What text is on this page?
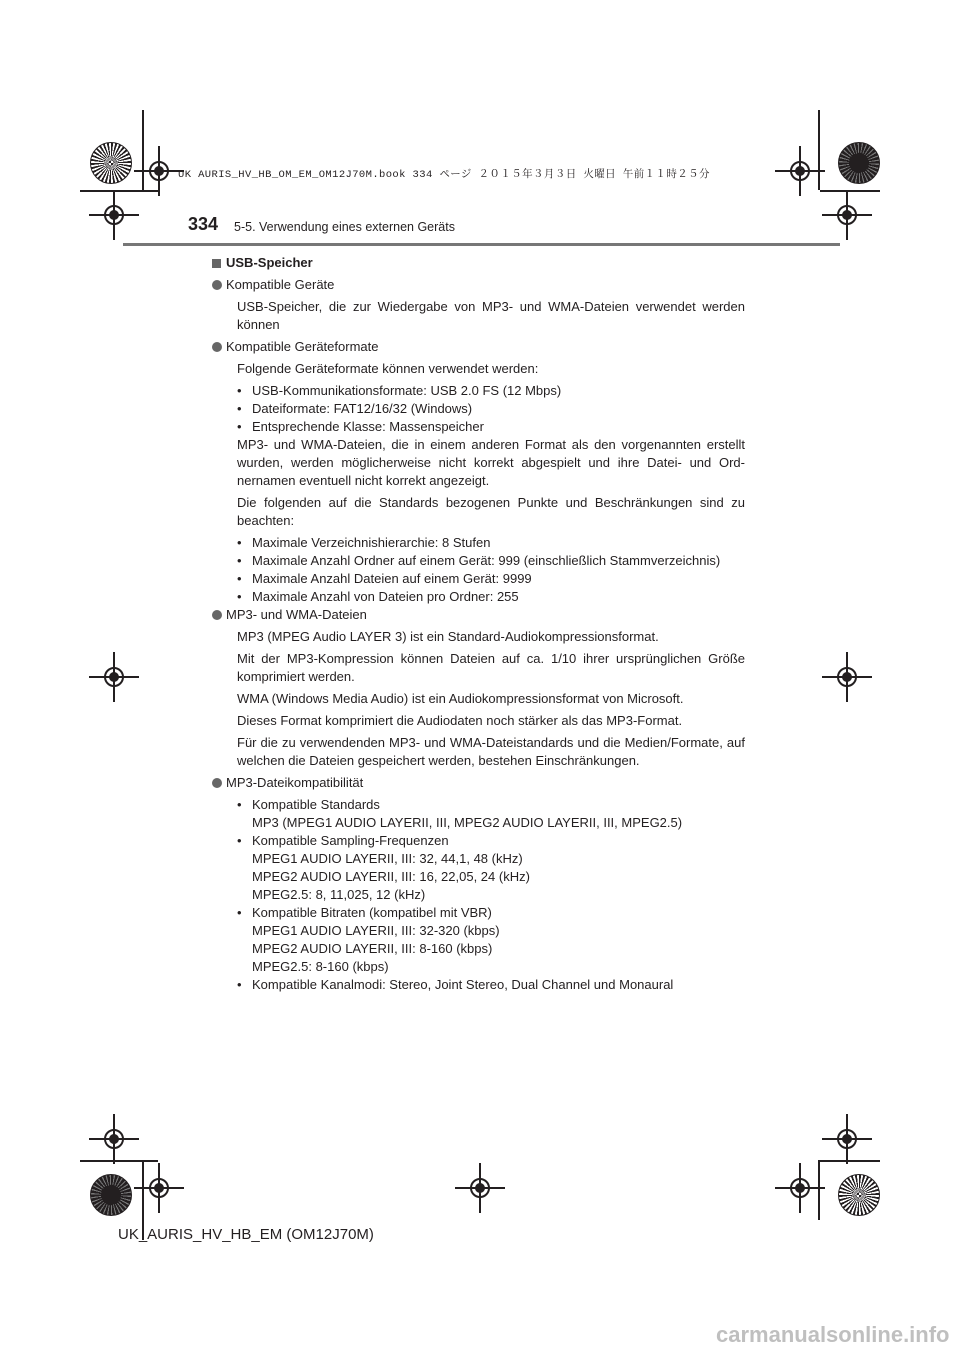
UK AURIS_HV_HB_OM_EM_OM12J70M.book 334 ページ ２０１５年３月３日 火曜日 午前１１時２５分
334 5-5. Verwendung eines externen Geräts
USB-Speicher
Kompatible Geräte
USB-Speicher, die zur Wiedergabe von MP3- und WMA-Dateien verwendet werden können
Kompatible Geräteformate
Folgende Geräteformate können verwendet werden:
• USB-Kommunikationsformate: USB 2.0 FS (12 Mbps)
• Dateiformate: FAT12/16/32 (Windows)
• Entsprechende Klasse: Massenspeicher
MP3- und WMA-Dateien, die in einem anderen Format als den vorgenannten erstellt wurden, werden möglicherweise nicht korrekt abgespielt und ihre Datei- und Ord-nernamen eventuell nicht korrekt angezeigt.
Die folgenden auf die Standards bezogenen Punkte und Beschränkungen sind zu beachten:
• Maximale Verzeichnishierarchie: 8 Stufen
• Maximale Anzahl Ordner auf einem Gerät: 999 (einschließlich Stammverzeichnis)
• Maximale Anzahl Dateien auf einem Gerät: 9999
• Maximale Anzahl von Dateien pro Ordner: 255
MP3- und WMA-Dateien
MP3 (MPEG Audio LAYER 3) ist ein Standard-Audiokompressionsformat.
Mit der MP3-Kompression können Dateien auf ca. 1/10 ihrer ursprünglichen Größe komprimiert werden.
WMA (Windows Media Audio) ist ein Audiokompressionsformat von Microsoft.
Dieses Format komprimiert die Audiodaten noch stärker als das MP3-Format.
Für die zu verwendenden MP3- und WMA-Dateistandards und die Medien/Formate, auf welchen die Dateien gespeichert werden, bestehen Einschränkungen.
MP3-Dateikompatibilität
• Kompatible Standards
MP3 (MPEG1 AUDIO LAYERII, III, MPEG2 AUDIO LAYERII, III, MPEG2.5)
• Kompatible Sampling-Frequenzen
MPEG1 AUDIO LAYERII, III: 32, 44,1, 48 (kHz)
MPEG2 AUDIO LAYERII, III: 16, 22,05, 24 (kHz)
MPEG2.5: 8, 11,025, 12 (kHz)
• Kompatible Bitraten (kompatibel mit VBR)
MPEG1 AUDIO LAYERII, III: 32-320 (kbps)
MPEG2 AUDIO LAYERII, III: 8-160 (kbps)
MPEG2.5: 8-160 (kbps)
• Kompatible Kanalmodi: Stereo, Joint Stereo, Dual Channel und Monaural
UK_AURIS_HV_HB_EM (OM12J70M)
carmanualsonline.info
